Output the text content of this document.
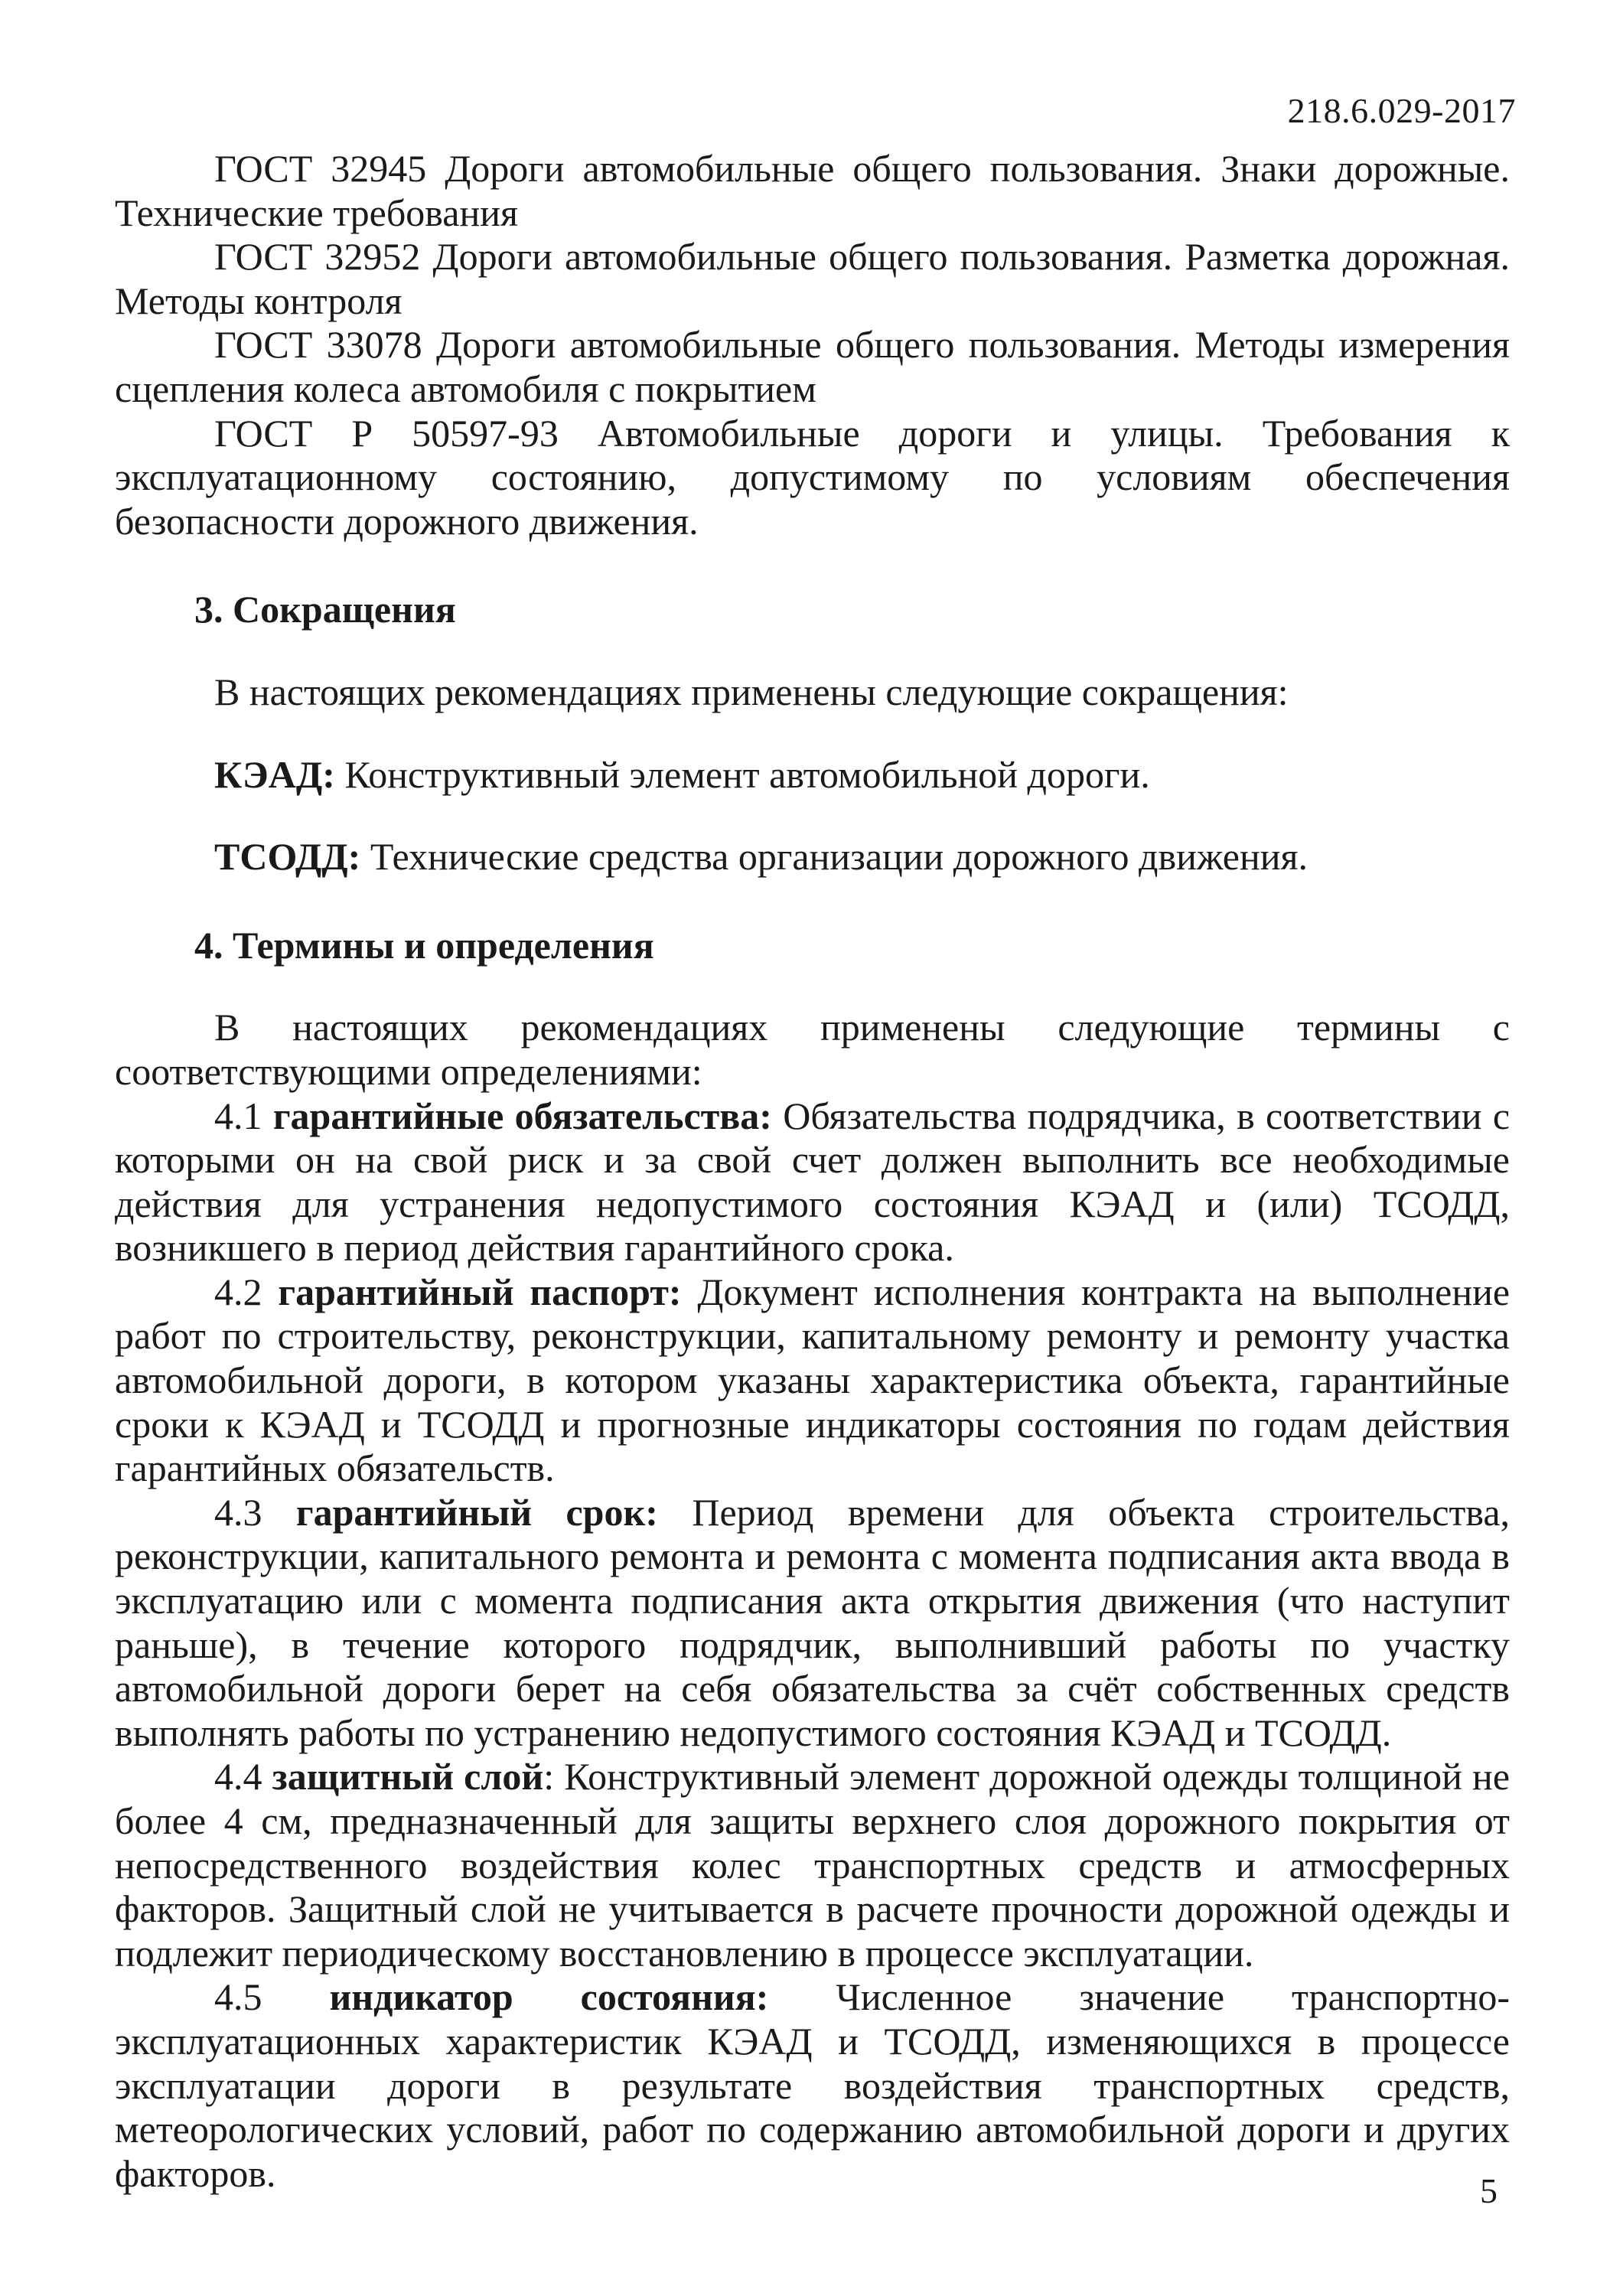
218.6.029-2017

ГОСТ 32945 Дороги автомобильные общего пользования. Знаки дорожные. Технические требования

ГОСТ 32952 Дороги автомобильные общего пользования. Разметка дорожная. Методы контроля

ГОСТ 33078 Дороги автомобильные общего пользования. Методы измерения сцепления колеса автомобиля с покрытием

ГОСТ Р 50597-93 Автомобильные дороги и улицы. Требования к эксплуатационному состоянию, допустимому по условиям обеспечения безопасности дорожного движения.

3. Сокращения

В настоящих рекомендациях применены следующие сокращения:

КЭАД: Конструктивный элемент автомобильной дороги.

ТСОДД: Технические средства организации дорожного движения.

4. Термины и определения

В настоящих рекомендациях применены следующие термины с соответствующими определениями:

4.1 гарантийные обязательства: Обязательства подрядчика, в соответствии с которыми он на свой риск и за свой счет должен выполнить все необходимые действия для устранения недопустимого состояния КЭАД и (или) ТСОДД, возникшего в период действия гарантийного срока.

4.2 гарантийный паспорт: Документ исполнения контракта на выполнение работ по строительству, реконструкции, капитальному ремонту и ремонту участка автомобильной дороги, в котором указаны характеристика объекта, гарантийные сроки к КЭАД и ТСОДД и прогнозные индикаторы состояния по годам действия гарантийных обязательств.

4.3 гарантийный срок: Период времени для объекта строительства, реконструкции, капитального ремонта и ремонта с момента подписания акта ввода в эксплуатацию или с момента подписания акта открытия движения (что наступит раньше), в течение которого подрядчик, выполнивший работы по участку автомобильной дороги берет на себя обязательства за счёт собственных средств выполнять работы по устранению недопустимого состояния КЭАД и ТСОДД.

4.4 защитный слой: Конструктивный элемент дорожной одежды толщиной не более 4 см, предназначенный для защиты верхнего слоя дорожного покрытия от непосредственного воздействия колес транспортных средств и атмосферных факторов. Защитный слой не учитывается в расчете прочности дорожной одежды и подлежит периодическому восстановлению в процессе эксплуатации.

4.5 индикатор состояния: Численное значение транспортно-эксплуатационных характеристик КЭАД и ТСОДД, изменяющихся в процессе эксплуатации дороги в результате воздействия транспортных средств, метеорологических условий, работ по содержанию автомобильной дороги и других факторов.	5
